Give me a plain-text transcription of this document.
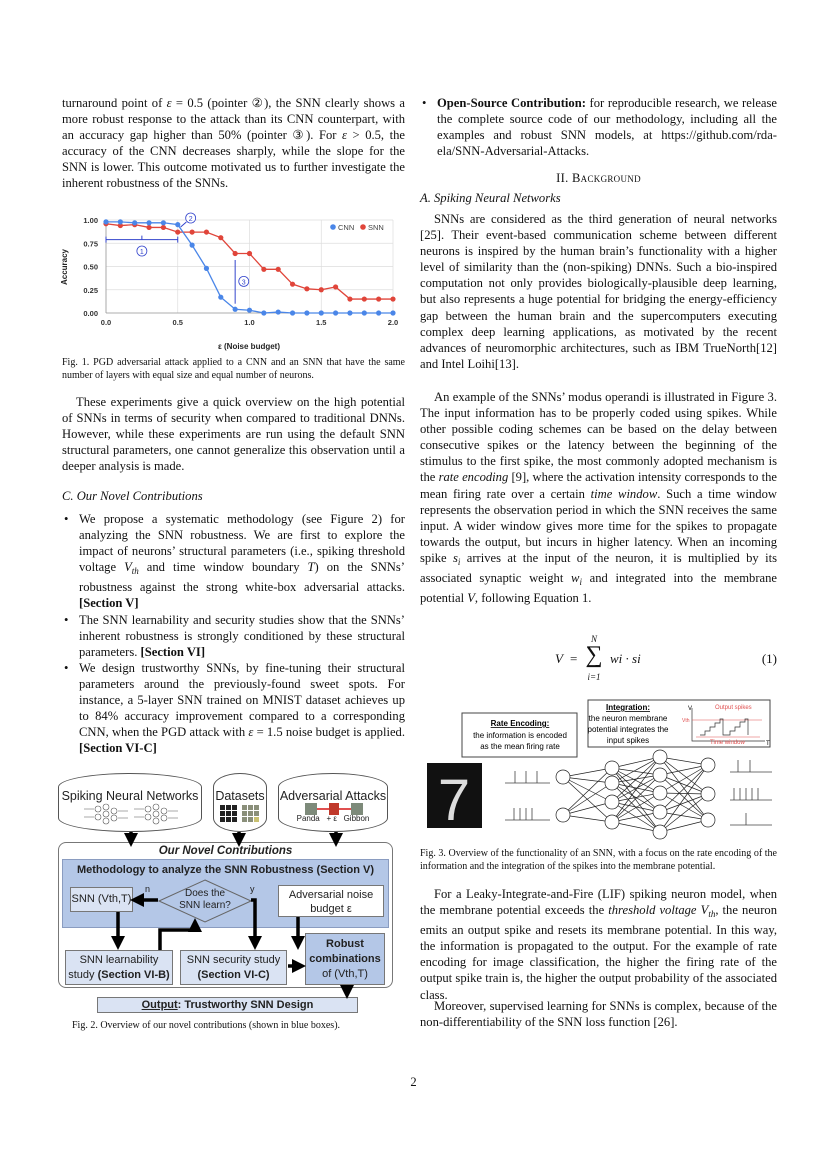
turnaround point of ε = 0.5 (pointer ②), the SNN clearly shows a more robust response to the attack than its CNN counterpart, with an accuracy gap higher than 50% (pointer ③). For ε > 0.5, the accuracy of the CNN decreases sharply, while the slope for the SNN is lower. This outcome motivated us to further investigate the inherent robustness of the SNNs.
0.00
0.25
0.50
0.75
1.00
0.0	0.5	1.0	1.5	2.0
ε (Noise budget)
Accuracy
CNN SNN
1
2
3
Fig. 1. PGD adversarial attack applied to a CNN and an SNN that have the same number of layers with equal size and equal number of neurons.
These experiments give a quick overview on the high potential of SNNs in terms of security when compared to traditional DNNs. However, while these experiments are run using the default SNN structural parameters, one cannot generalize this observation until a deeper analysis is made.
C. Our Novel Contributions
• We propose a systematic methodology (see Figure 2) for analyzing the SNN robustness. We are first to explore the impact of neurons’ structural parameters (i.e., spiking threshold voltage $V_{th}$ and time window boundary T) on the SNNs’ robustness against the strong white-box adversarial attacks. [Section V]
• The SNN learnability and security studies show that the SNNs’ inherent robustness is strongly conditioned by these structural parameters. [Section VI]
• We design trustworthy SNNs, by fine-tuning their structural parameters around the previously-found sweet spots. For instance, a 5-layer SNN trained on MNIST dataset achieves up to 84% accuracy improvement compared to a corresponding CNN, when the PGD attack with ε = 1.5 noise budget is applied. [Section VI-C]
Spiking Neural Networks Datasets Adversarial Attacks
Panda + ε Gibbon
Our Novel Contributions
Methodology to analyze the SNN Robustness (Section V)
SNN (Vth,T)	Does the SNN learn?
n	y	Adversarial noise budget ε
SNN learnability
study (Section VI-B)
SNN security study
(Section VI-C)
Robust
combinations
of (Vth,T)
Output: Trustworthy SNN Design
Fig. 2. Overview of our novel contributions (shown in blue boxes).
• Open-Source Contribution: for reproducible research, we release the complete source code of our methodology, including all the examples and robust SNN models, at https://github.com/rda-ela/SNN-Adversarial-Attacks.
II. Background
A. Spiking Neural Networks
SNNs are considered as the third generation of neural networks [25]. Their event-based communication scheme between different neurons is inspired by the human brain’s functionality with a higher level of similarity than the (non-spiking) DNNs. Such a bio-inspired computation not only provides biologically-plausible deep learning, but also represents a huge potential for bridging the energy-efficiency gap between the human brain and the supercomputers executing complex deep learning applications, as motivated by the recent advances of neuromorphic architectures, such as IBM TrueNorth[12] and Intel Loihi[13].
An example of the SNNs’ modus operandi is illustrated in Figure 3. The input information has to be properly coded using spikes. While other possible coding schemes can be based on the delay between consecutive spikes or the latency between the beginning of the stimulus to the first spike, the most commonly adopted mechanism is the rate encoding [9], where the activation intensity corresponds to the mean firing rate over a certain time window. Such a time window represents the observation period in which the SNN receives the same input. A wider window gives more time for the spikes to propagate towards the output, but incurs in higher latency. When an incoming spike $s_i$ arrives at the input of the neuron, it is multiplied by its associated synaptic weight $w_i$ and integrated into the membrane potential V, following Equation 1.
V =
N
∑
i=1
wi · si	(1)
Rate Encoding:
the information is encoded
as the mean firing rate
Integration:
the neuron membrane
potential integrates the
input spikes
V
Vth
Output spikes
Time window	T
7
Fig. 3. Overview of the functionality of an SNN, with a focus on the rate encoding of the information and the integration of the spikes into the membrane potential.
For a Leaky-Integrate-and-Fire (LIF) spiking neuron model, when the membrane potential exceeds the threshold voltage $V_{th}$, the neuron emits an output spike and resets its membrane potential. In this way, the information is propagated to the output. For the example of rate encoding for image classification, the higher the firing rate of the output spike train is, the higher the output probability of the associated class.
Moreover, supervised learning for SNNs is complex, because of the non-differentiability of the SNN loss function [26].
2
